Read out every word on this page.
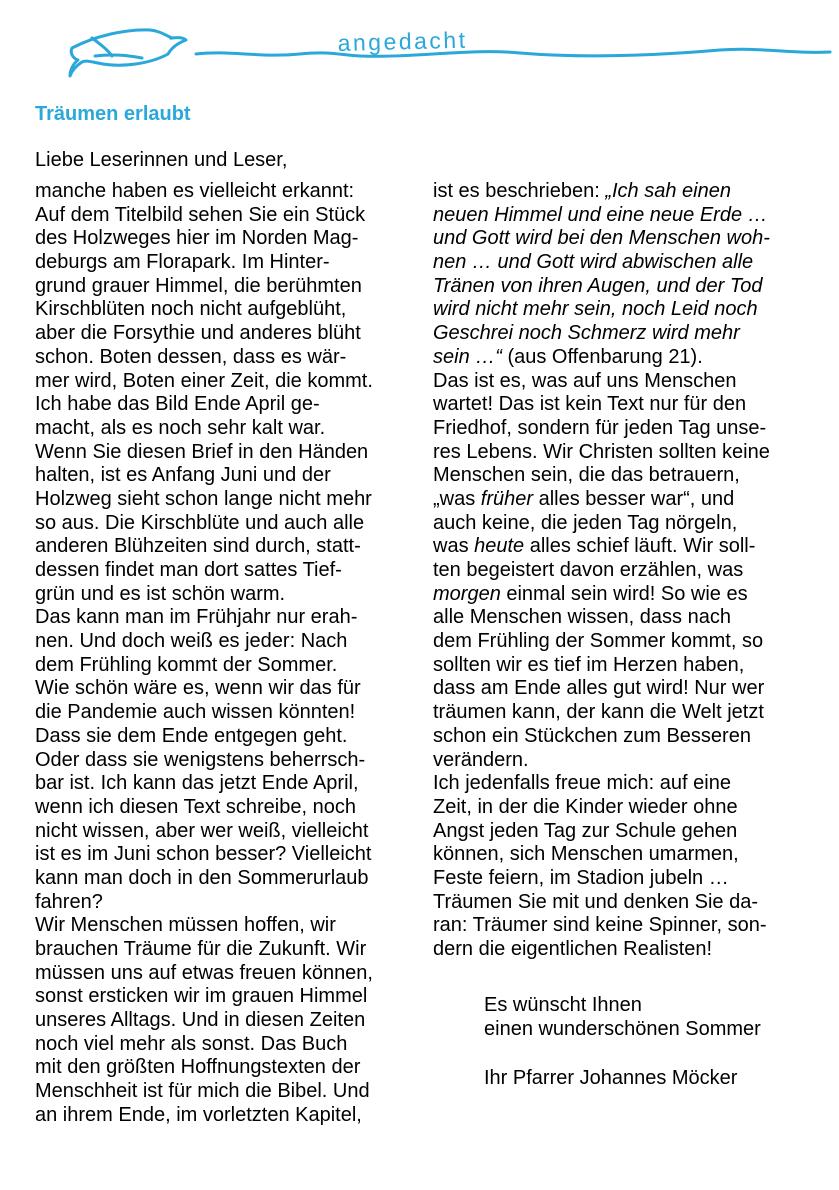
angedacht
Träumen erlaubt
Liebe Leserinnen und Leser,
manche haben es vielleicht erkannt:
Auf dem Titelbild sehen Sie ein Stück
des Holzweges hier im Norden Mag-
deburgs am Florapark. Im Hinter-
grund grauer Himmel, die berühmten
Kirschblüten noch nicht aufgeblüht,
aber die Forsythie und anderes blüht
schon. Boten dessen, dass es wär-
mer wird, Boten einer Zeit, die kommt.
Ich habe das Bild Ende April ge-
macht, als es noch sehr kalt war.
Wenn Sie diesen Brief in den Händen
halten, ist es Anfang Juni und der
Holzweg sieht schon lange nicht mehr
so aus. Die Kirschblüte und auch alle
anderen Blühzeiten sind durch, statt-
dessen findet man dort sattes Tief-
grün und es ist schön warm.
Das kann man im Frühjahr nur erah-
nen. Und doch weiß es jeder: Nach
dem Frühling kommt der Sommer.
Wie schön wäre es, wenn wir das für
die Pandemie auch wissen könnten!
Dass sie dem Ende entgegen geht.
Oder dass sie wenigstens beherrsch-
bar ist. Ich kann das jetzt Ende April,
wenn ich diesen Text schreibe, noch
nicht wissen, aber wer weiß, vielleicht
ist es im Juni schon besser? Vielleicht
kann man doch in den Sommerurlaub
fahren?
Wir Menschen müssen hoffen, wir
brauchen Träume für die Zukunft. Wir
müssen uns auf etwas freuen können,
sonst ersticken wir im grauen Himmel
unseres Alltags. Und in diesen Zeiten
noch viel mehr als sonst. Das Buch
mit den größten Hoffnungstexten der
Menschheit ist für mich die Bibel. Und
an ihrem Ende, im vorletzten Kapitel,
ist es beschrieben: „Ich sah einen
neuen Himmel und eine neue Erde …
und Gott wird bei den Menschen woh-
nen … und Gott wird abwischen alle
Tränen von ihren Augen, und der Tod
wird nicht mehr sein, noch Leid noch
Geschrei noch Schmerz wird mehr
sein …“ (aus Offenbarung 21).
Das ist es, was auf uns Menschen
wartet! Das ist kein Text nur für den
Friedhof, sondern für jeden Tag unse-
res Lebens. Wir Christen sollten keine
Menschen sein, die das betrauern,
„was früher alles besser war“, und
auch keine, die jeden Tag nörgeln,
was heute alles schief läuft. Wir soll-
ten begeistert davon erzählen, was
morgen einmal sein wird! So wie es
alle Menschen wissen, dass nach
dem Frühling der Sommer kommt, so
sollten wir es tief im Herzen haben,
dass am Ende alles gut wird! Nur wer
träumen kann, der kann die Welt jetzt
schon ein Stückchen zum Besseren
verändern.
Ich jedenfalls freue mich: auf eine
Zeit, in der die Kinder wieder ohne
Angst jeden Tag zur Schule gehen
können, sich Menschen umarmen,
Feste feiern, im Stadion jubeln …
Träumen Sie mit und denken Sie da-
ran: Träumer sind keine Spinner, son-
dern die eigentlichen Realisten!
Es wünscht Ihnen
einen wunderschönen Sommer
Ihr Pfarrer Johannes Möcker
